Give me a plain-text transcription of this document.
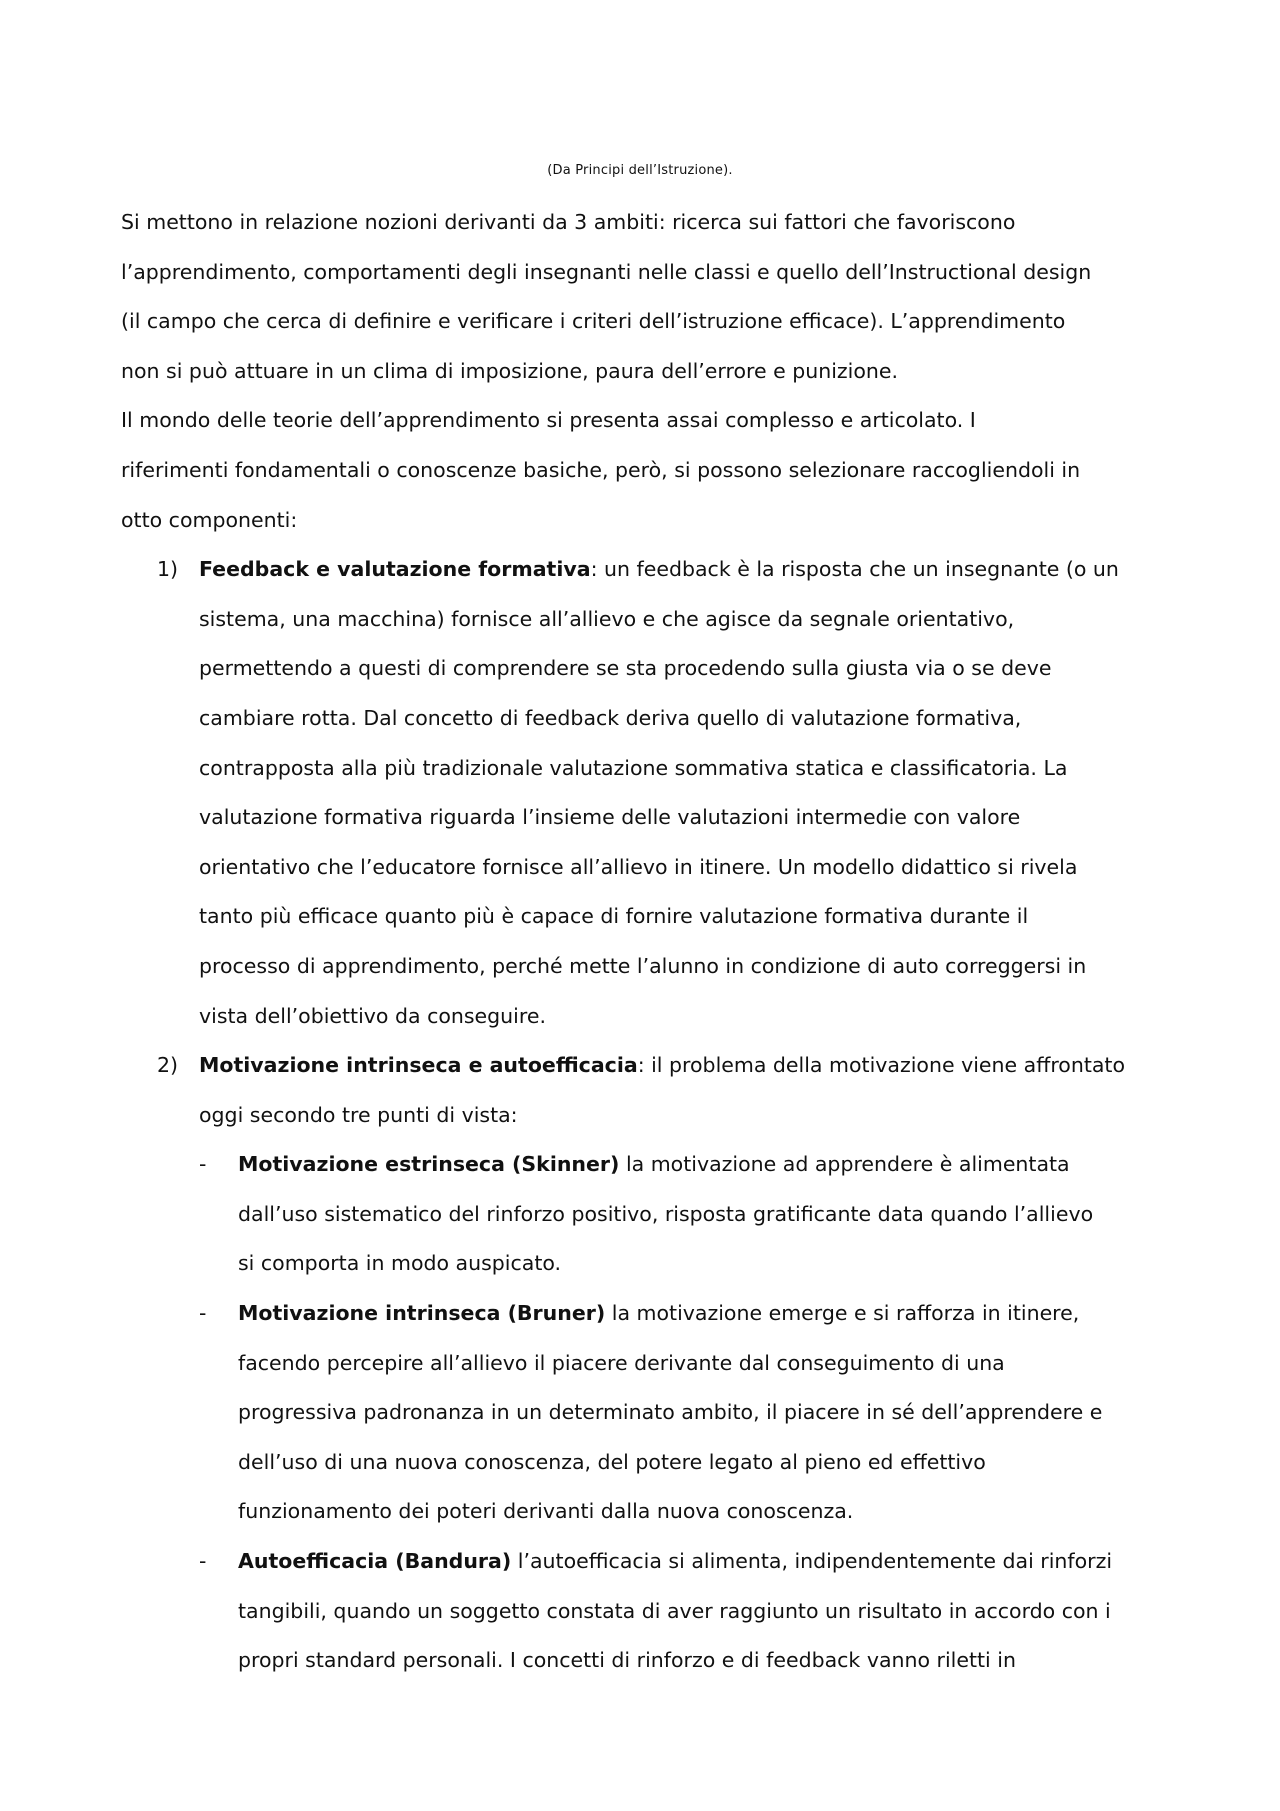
(Da Principi dell’Istruzione).
Si mettono in relazione nozioni derivanti da 3 ambiti: ricerca sui fattori che favoriscono
l’apprendimento, comportamenti degli insegnanti nelle classi e quello dell’Instructional design
(il campo che cerca di definire e verificare i criteri dell’istruzione efficace). L’apprendimento
non si può attuare in un clima di imposizione, paura dell’errore e punizione.
Il mondo delle teorie dell’apprendimento si presenta assai complesso e articolato. I
riferimenti fondamentali o conoscenze basiche, però, si possono selezionare raccogliendoli in
otto componenti:
1) Feedback e valutazione formativa: un feedback è la risposta che un insegnante (o un
sistema, una macchina) fornisce all’allievo e che agisce da segnale orientativo,
permettendo a questi di comprendere se sta procedendo sulla giusta via o se deve
cambiare rotta. Dal concetto di feedback deriva quello di valutazione formativa,
contrapposta alla più tradizionale valutazione sommativa statica e classificatoria. La
valutazione formativa riguarda l’insieme delle valutazioni intermedie con valore
orientativo che l’educatore fornisce all’allievo in itinere. Un modello didattico si rivela
tanto più efficace quanto più è capace di fornire valutazione formativa durante il
processo di apprendimento, perché mette l’alunno in condizione di auto correggersi in
vista dell’obiettivo da conseguire.
2) Motivazione intrinseca e autoefficacia: il problema della motivazione viene affrontato
oggi secondo tre punti di vista:
- Motivazione estrinseca (Skinner) la motivazione ad apprendere è alimentata
dall’uso sistematico del rinforzo positivo, risposta gratificante data quando l’allievo
si comporta in modo auspicato.
- Motivazione intrinseca (Bruner) la motivazione emerge e si rafforza in itinere,
facendo percepire all’allievo il piacere derivante dal conseguimento di una
progressiva padronanza in un determinato ambito, il piacere in sé dell’apprendere e
dell’uso di una nuova conoscenza, del potere legato al pieno ed effettivo
funzionamento dei poteri derivanti dalla nuova conoscenza.
- Autoefficacia (Bandura) l’autoefficacia si alimenta, indipendentemente dai rinforzi
tangibili, quando un soggetto constata di aver raggiunto un risultato in accordo con i
propri standard personali. I concetti di rinforzo e di feedback vanno riletti in
